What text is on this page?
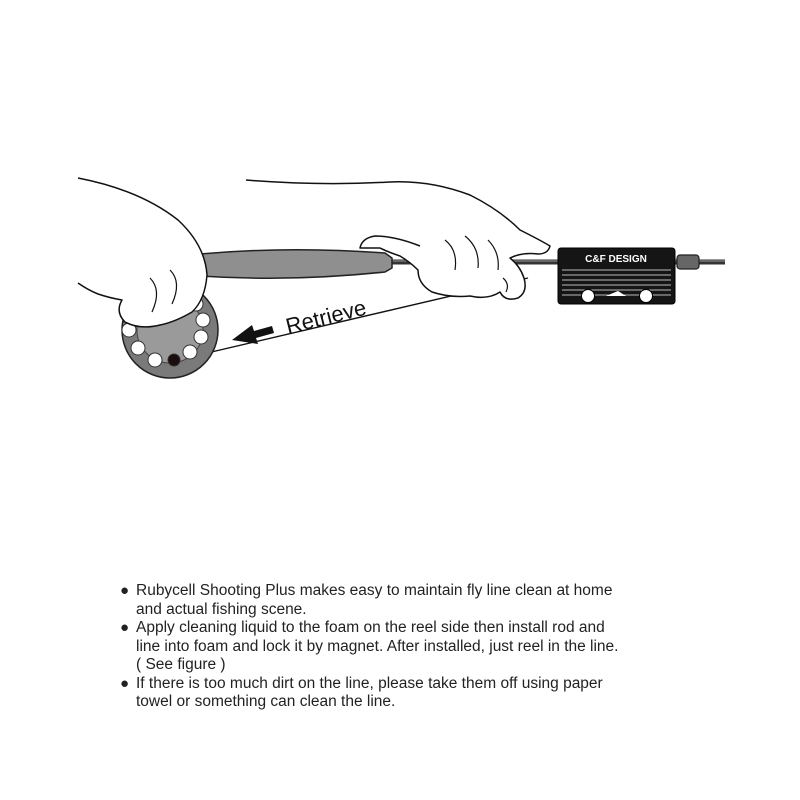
C&F DESIGN
Retrieve
● Rubycell Shooting Plus makes easy to maintain fly line clean at home
and actual fishing scene.
● Apply cleaning liquid to the foam on the reel side then install rod and
line into foam and lock it by magnet. After installed, just reel in the line.
( See figure )
● If there is too much dirt on the line, please take them off using paper
towel or something can clean the line.
